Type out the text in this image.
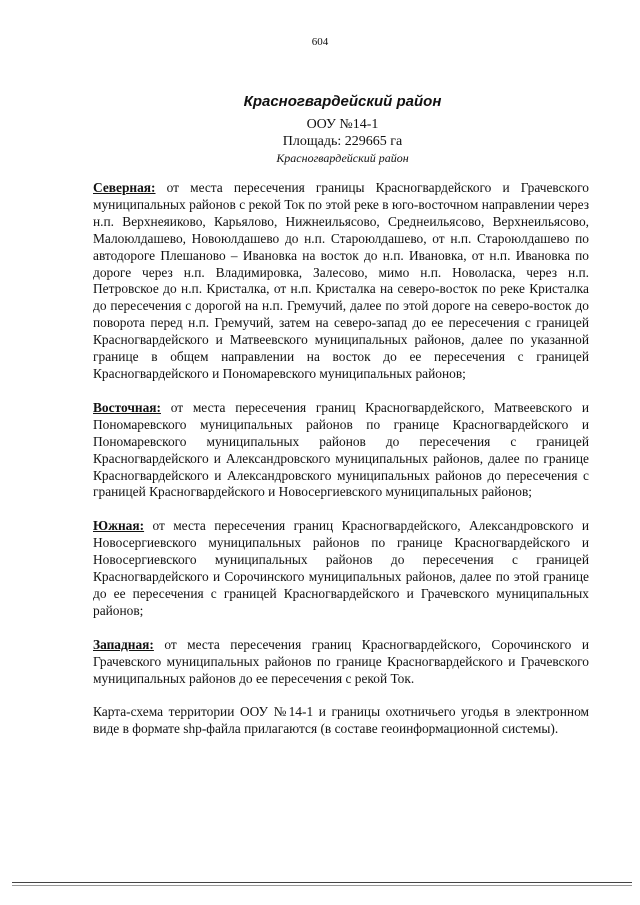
604
Красногвардейский район
ООУ №14-1
Площадь: 229665 га
Красногвардейский район

Северная: от места пересечения границы Красногвардейского и Грачевского муниципальных районов с рекой Ток по этой реке в юго-восточном направлении через н.п. Верхнеяиково, Карьялово, Нижнеильясово, Среднеильясово, Верхнеильясово, Малоюлдашево, Новоюлдашево до н.п. Староюлдашево, от н.п. Староюлдашево по автодороге Плешаново – Ивановка на восток до н.п. Ивановка, от н.п. Ивановка по дороге через н.п. Владимировка, Залесово, мимо н.п. Новоласка, через н.п. Петровское до н.п. Кристалка, от н.п. Кристалка на северо-восток по реке Кристалка до пересечения с дорогой на н.п. Гремучий, далее по этой дороге на северо-восток до поворота перед н.п. Гремучий, затем на северо-запад до ее пересечения с границей Красногвардейского и Матвеевского муниципальных районов, далее по указанной границе в общем направлении на восток до ее пересечения с границей Красногвардейского и Пономаревского муниципальных районов;

Восточная: от места пересечения границ Красногвардейского, Матвеевского и Пономаревского муниципальных районов по границе Красногвардейского и Пономаревского муниципальных районов до пересечения с границей Красногвардейского и Александровского муниципальных районов, далее по границе Красногвардейского и Александровского муниципальных районов до пересечения с границей Красногвардейского и Новосергиевского муниципальных районов;

Южная: от места пересечения границ Красногвардейского, Александровского и Новосергиевского муниципальных районов по границе Красногвардейского и Новосергиевского муниципальных районов до пересечения с границей Красногвардейского и Сорочинского муниципальных районов, далее по этой границе до ее пересечения с границей Красногвардейского и Грачевского муниципальных районов;

Западная: от места пересечения границ Красногвардейского, Сорочинского и Грачевского муниципальных районов по границе Красногвардейского и Грачевского муниципальных районов до ее пересечения с рекой Ток.

Карта-схема территории ООУ №14-1 и границы охотничьего угодья в электронном виде в формате shp-файла прилагаются (в составе геоинформационной системы).
